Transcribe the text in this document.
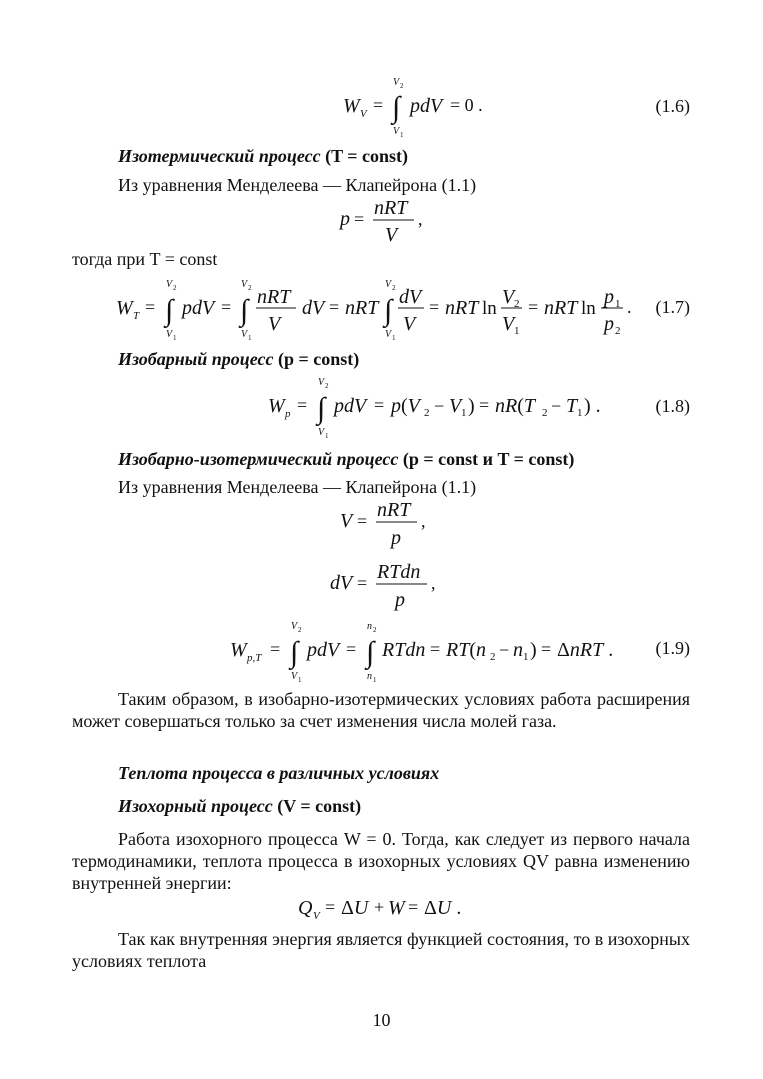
W V =
V 2
∫
V 1
pdV = 0 .	(1.6)
Изотермический процесс (T = const)
Из уравнения Менделеева — Клапейрона (1.1)
p = nRT
V
,
тогда при T = const
W T =
V 2
∫
V 1
pdV =
V 2
∫
V 1
nRT
V
dV = nRT
V 2
∫
V 1
dV
V
= nRT ln
V 2
V 1
= nRT ln
p 1
p 2
. (1.7)
Изобарный процесс (p = const)
W p =
V 2
∫
V 1
pdV = p(V 2 − V 1 ) = nR(T 2 − T 1 ) .	(1.8)
Изобарно-изотермический процесс (p = const и T = const)
Из уравнения Менделеева — Клапейрона (1.1)
V = nRT
p
,
dV = RTdn
p
,
W p,T =
V 2
∫
V 1
pdV =
n 2
∫
n 1
RTdn = RT(n 2 − n 1 ) = ΔnRT . (1.9)
Таким образом, в изобарно-изотермических условиях работа расширения может совершаться только за счет изменения числа молей газа.
Теплота процесса в различных условиях
Изохорный процесс (V = const)
Работа изохорного процесса W = 0. Тогда, как следует из первого начала термодинамики, теплота процесса в изохорных условиях QV равна изменению внутренней энергии:
Q V = ΔU + W = ΔU .
Так как внутренняя энергия является функцией состояния, то в изохорных условиях теплота
10
